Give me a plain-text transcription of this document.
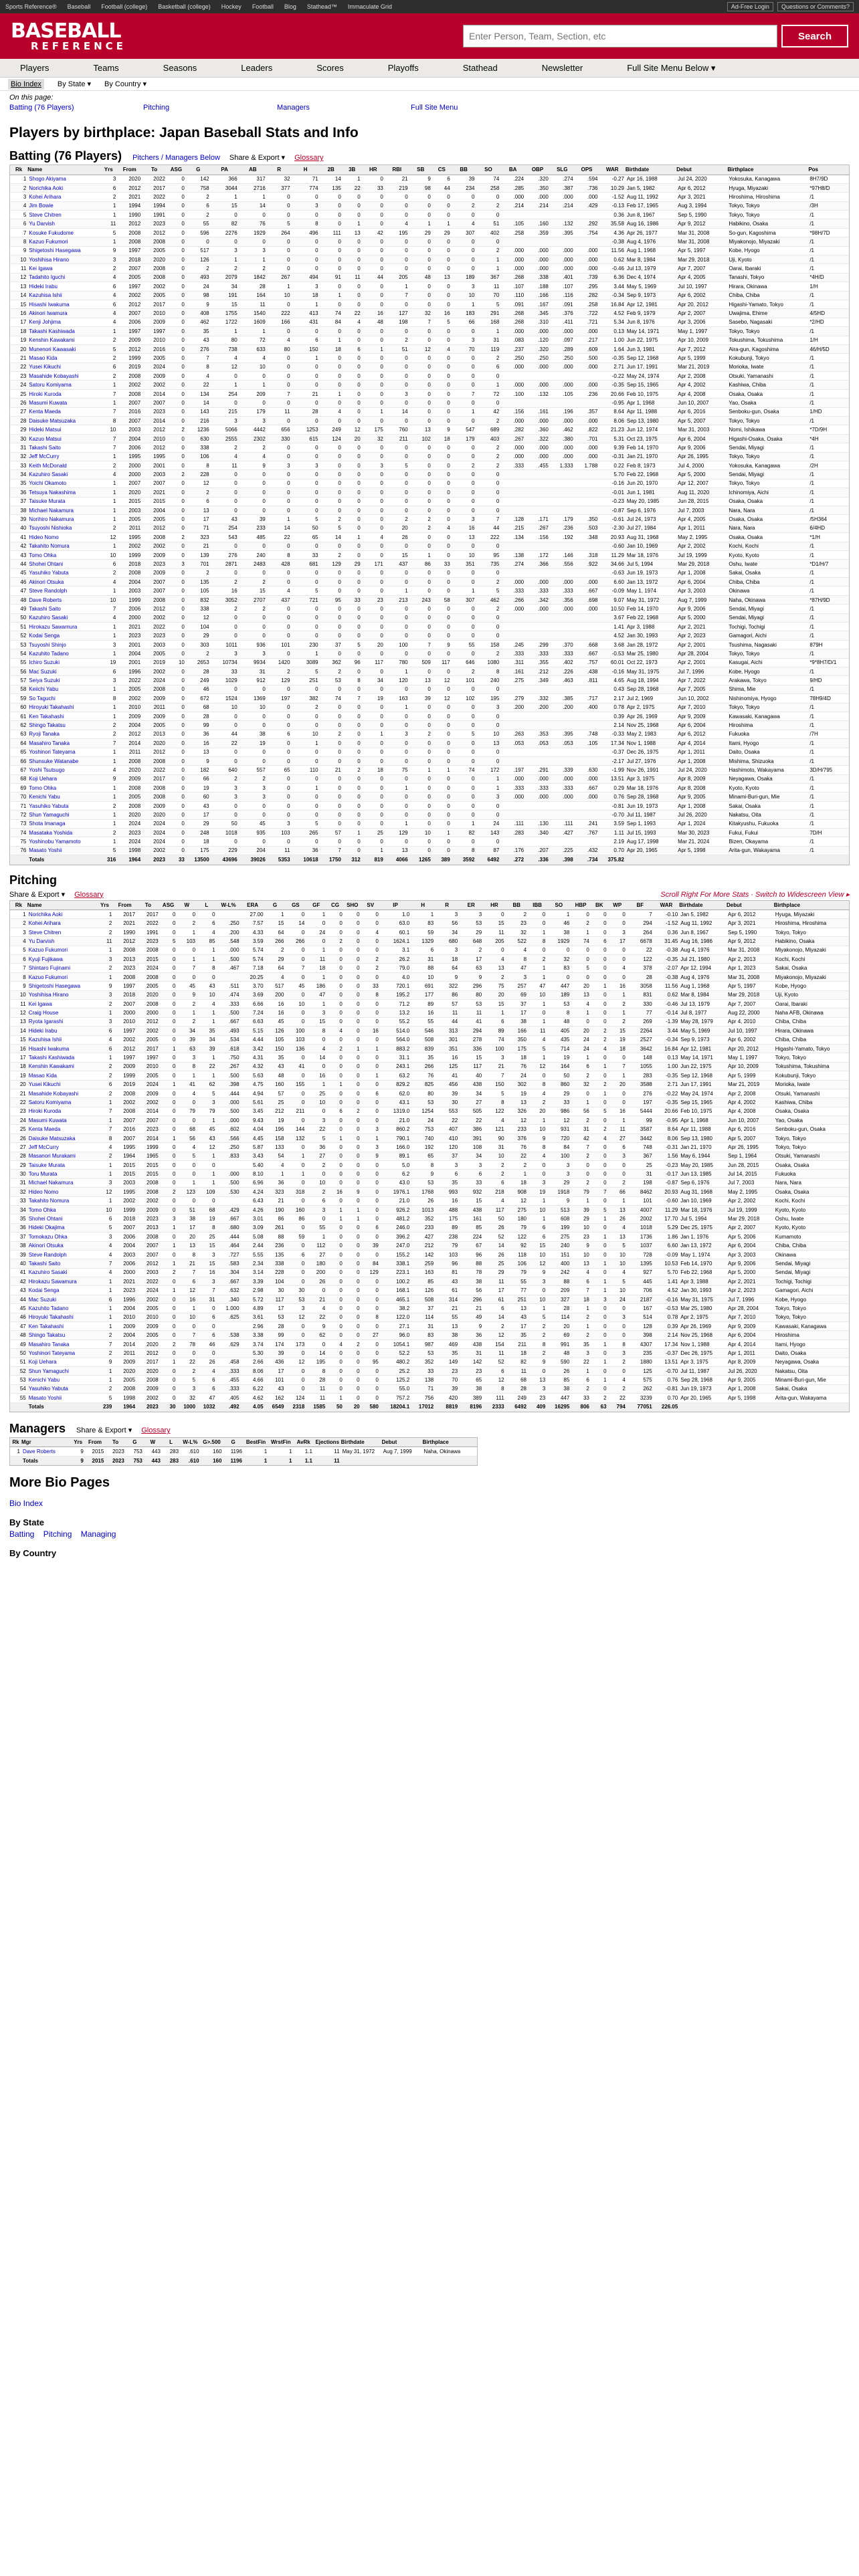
Sports Reference® Baseball Football (college) Basketball (college) Hockey Football Blog Stathead™ Immaculate Grid	Ad-Free Login	Questions or Comments?
BASEBALL
REFERENCE
Enter Person, Team, Section, etc
Search
Players	Teams	Seasons	Leaders	Scores	Playoffs	Stathead	Newsletter	Full Site Menu Below ▾
Bio Index	By State ▾ By Country ▾
On this page:
Batting (76 Players)	Pitching	Managers	Full Site Menu
Players by birthplace: Japan Baseball Stats and Info
Batting (76 Players) Pitchers / Managers Below Share & Export ▾ Glossary
Rk	Name	Yrs	From	To	ASG	G	PA	AB	R	H	2B	3B	HR	RBI	SB	CS	BB	SO	BA	OBP	SLG	OPS	WAR	Birthdate	Debut	Birthplace	Pos
1	Shogo Akiyama	3	2020	2022	0	142	366	317	32	71	14	1	0	21	9	6	39	74	.224	.320	.274	.594	-0.27	Apr 16, 1988	Jul 24, 2020	Yokosuka, Kanagawa	8H7/9D
2	Norichika Aoki	6	2012	2017	0	758	3044	2716	377	774	135	22	33	219	98	44	234	258	.285	.350	.387	.736	10.29	Jan 5, 1982	Apr 6, 2012	Hyuga, Miyazaki	*97H8/D
3	Kohei Arihara	2	2021	2022	0	2	1	1	0	0	0	0	0	0	0	0	0	0	.000	.000	.000	.000	-1.52	Aug 11, 1992	Apr 3, 2021	Hiroshima, Hiroshima	/1
4	Jim Bowie	1	1994	1994	0	6	15	14	0	3	0	0	0	0	0	0	2	2	.214	.214	.214	.429	-0.13	Feb 17, 1965	Aug 3, 1994	Tokyo, Tokyo	/3H
5	Steve Chitren	1	1990	1991	0	2	0	0	0	0	0	0	0	0	0	0	0	0					0.36	Jun 8, 1967	Sep 5, 1990	Tokyo, Tokyo	/1
6	Yu Darvish	11	2012	2023	0	55	82	76	5	8	0	1	0	4	1	1	4	51	.105	.160	.132	.292	35.58	Aug 16, 1986	Apr 9, 2012	Habikino, Osaka	/1
7	Kosuke Fukudome	5	2008	2012	0	596	2276	1929	264	496	111	13	42	195	29	29	307	402	.258	.359	.395	.754	4.36	Apr 26, 1977	Mar 31, 2008	So-gun, Kagoshima	*98H/7D
8	Kazuo Fukumori	1	2008	2008	0	0	0	0	0	0	0	0	0	0	0	0	0	0					-0.38	Aug 4, 1976	Mar 31, 2008	Miyakonojo, Miyazaki	/1
9	Shigetoshi Hasegawa	9	1997	2005	0	517	3	3	0	0	0	0	0	0	0	0	0	2	.000	.000	.000	.000	11.56	Aug 1, 1968	Apr 5, 1997	Kobe, Hyogo	/1
10	Yoshihisa Hirano	3	2018	2020	0	126	1	1	0	0	0	0	0	0	0	0	0	1	.000	.000	.000	.000	0.62	Mar 8, 1984	Mar 29, 2018	Uji, Kyoto	/1
11	Kei Igawa	2	2007	2008	0	2	2	2	0	0	0	0	0	0	0	0	0	1	.000	.000	.000	.000	-0.46	Jul 13, 1979	Apr 7, 2007	Oarai, Ibaraki	/1
12	Tadahito Iguchi	4	2005	2008	0	493	2079	1842	267	494	91	11	44	205	48	13	189	367	.268	.338	.401	.739	6.36	Dec 4, 1974	Apr 4, 2005	Tanashi, Tokyo	*4H/D
13	Hideki Irabu	6	1997	2002	0	24	34	28	1	3	0	0	0	1	0	0	3	11	.107	.188	.107	.295	3.44	May 5, 1969	Jul 10, 1997	Hirara, Okinawa	1/H
14	Kazuhisa Ishii	4	2002	2005	0	98	191	164	10	18	1	0	0	7	0	0	10	70	.110	.166	.116	.282	-0.34	Sep 9, 1973	Apr 6, 2002	Chiba, Chiba	/1
15	Hisashi Iwakuma	6	2012	2017	0	9	15	11	0	1	0	0	0	0	0	0	1	5	.091	.167	.091	.258	16.84	Apr 12, 1981	Apr 20, 2012	Higashi-Yamato, Tokyo	/1
16	Akinori Iwamura	4	2007	2010	0	408	1755	1540	222	413	74	22	16	127	32	16	183	291	.268	.345	.376	.722	4.52	Feb 9, 1979	Apr 2, 2007	Uwajima, Ehime	4/5HD
17	Kenji Johjima	4	2006	2009	0	462	1722	1609	166	431	84	4	48	198	7	5	66	168	.268	.310	.411	.721	5.34	Jun 8, 1976	Apr 3, 2006	Sasebo, Nagasaki	*2/HD
18	Takashi Kashiwada	1	1997	1997	0	35	1	1	0	0	0	0	0	0	0	0	0	1	.000	.000	.000	.000	0.13	May 14, 1971	May 1, 1997	Tokyo, Tokyo	/1
19	Kenshin Kawakami	2	2009	2010	0	43	80	72	4	6	1	0	0	2	0	0	3	31	.083	.120	.097	.217	1.00	Jun 22, 1975	Apr 10, 2009	Tokushima, Tokushima	1/H
20	Munenori Kawasaki	5	2012	2016	0	276	738	633	80	150	18	6	1	51	12	4	70	119	.237	.320	.289	.609	1.64	Jun 3, 1981	Apr 7, 2012	Aira-gun, Kagoshima	46/H/5D
21	Masao Kida	2	1999	2005	0	7	4	4	0	1	0	0	0	0	0	0	0	2	.250	.250	.250	.500	-0.35	Sep 12, 1968	Apr 5, 1999	Kokubunji, Tokyo	/1
22	Yusei Kikuchi	6	2019	2024	0	8	12	10	0	0	0	0	0	0	0	0	0	6	.000	.000	.000	.000	2.71	Jun 17, 1991	Mar 21, 2019	Morioka, Iwate	/1
23	Masahide Kobayashi	2	2008	2009	0	4	0	0	0	0	0	0	0	0	0	0	0	0					-0.22	May 24, 1974	Apr 2, 2008	Otsuki, Yamanashi	/1
24	Satoru Komiyama	1	2002	2002	0	22	1	1	0	0	0	0	0	0	0	0	0	1	.000	.000	.000	.000	-0.35	Sep 15, 1965	Apr 4, 2002	Kashiwa, Chiba	/1
25	Hiroki Kuroda	7	2008	2014	0	134	254	209	7	21	1	0	0	3	0	0	7	72	.100	.132	.105	.236	20.66	Feb 10, 1975	Apr 4, 2008	Osaka, Osaka	/1
26	Masumi Kuwata	1	2007	2007	0	14	0	0	0	0	0	0	0	0	0	0	0	0					-0.95	Apr 1, 1968	Jun 10, 2007	Yao, Osaka	/1
27	Kenta Maeda	7	2016	2023	0	143	215	179	11	28	4	0	1	14	0	0	1	42	.156	.161	.196	.357	8.64	Apr 11, 1988	Apr 6, 2016	Senboku-gun, Osaka	1/HD
28	Daisuke Matsuzaka	8	2007	2014	0	216	3	3	0	0	0	0	0	0	0	0	0	2	.000	.000	.000	.000	8.06	Sep 13, 1980	Apr 5, 2007	Tokyo, Tokyo	/1
29	Hideki Matsui	10	2003	2012	2	1236	5066	4442	656	1253	249	12	175	760	13	9	547	689	.282	.360	.462	.822	21.23	Jun 12, 1974	Mar 31, 2003	Nomi, Ishikawa	*7D/9H
30	Kazuo Matsui	7	2004	2010	0	630	2555	2302	330	615	124	20	32	211	102	18	179	403	.267	.322	.380	.701	5.31	Oct 23, 1975	Apr 6, 2004	Higashi-Osaka, Osaka	*4H
31	Takashi Saito	7	2006	2012	0	338	2	2	0	0	0	0	0	0	0	0	0	2	.000	.000	.000	.000	9.39	Feb 14, 1970	Apr 9, 2006	Sendai, Miyagi	/1
32	Jeff McCurry	1	1995	1995	0	106	4	4	0	0	0	0	0	0	0	0	0	2	.000	.000	.000	.000	-0.31	Jan 21, 1970	Apr 26, 1995	Tokyo, Tokyo	/1
33	Keith McDonald	2	2000	2001	0	8	11	9	3	3	0	0	3	5	0	0	2	2	.333	.455	1.333	1.788	0.22	Feb 8, 1973	Jul 4, 2000	Yokosuka, Kanagawa	/2H
34	Kazuhiro Sasaki	4	2000	2003	2	228	0	0	0	0	0	0	0	0	0	0	0	0					5.70	Feb 22, 1968	Apr 5, 2000	Sendai, Miyagi	/1
35	Yoichi Okamoto	1	2007	2007	0	12	0	0	0	0	0	0	0	0	0	0	0	0					-0.16	Jun 20, 1970	Apr 12, 2007	Tokyo, Tokyo	/1
36	Tetsuya Nakashima	1	2020	2021	0	2	0	0	0	0	0	0	0	0	0	0	0	0					-0.01	Jun 1, 1981	Aug 11, 2020	Ichinomiya, Aichi	/1
37	Taisuke Murata	1	2015	2015	0	6	0	0	0	0	0	0	0	0	0	0	0	0					-0.23	May 20, 1985	Jun 28, 2015	Osaka, Osaka	/1
38	Michael Nakamura	1	2003	2004	0	13	0	0	0	0	0	0	0	0	0	0	0	0					-0.87	Sep 6, 1976	Jul 7, 2003	Nara, Nara	/1
39	Norihiro Nakamura	1	2005	2005	0	17	43	39	1	5	2	0	0	2	2	0	3	7	.128	.171	.179	.350	-0.61	Jul 24, 1973	Apr 4, 2005	Osaka, Osaka	/5H364
40	Tsuyoshi Nishioka	2	2011	2012	0	71	254	233	14	50	5	0	0	20	2	4	16	44	.215	.267	.236	.503	-2.30	Jul 27, 1984	Apr 1, 2011	Nara, Nara	6/4HD
41	Hideo Nomo	12	1995	2008	2	323	543	485	22	65	14	1	4	26	0	0	13	222	.134	.156	.192	.348	20.93	Aug 31, 1968	May 2, 1995	Osaka, Osaka	*1/H
42	Takahito Nomura	1	2002	2002	0	21	0	0	0	0	0	0	0	0	0	0	0	0					-0.60	Jan 10, 1969	Apr 2, 2002	Kochi, Kochi	/1
43	Tomo Ohka	10	1999	2009	0	139	276	240	8	33	2	0	0	15	1	0	10	95	.138	.172	.146	.318	11.29	Mar 18, 1976	Jul 19, 1999	Kyoto, Kyoto	/1
44	Shohei Ohtani	6	2018	2023	3	701	2871	2483	428	681	129	29	171	437	86	33	351	735	.274	.366	.556	.922	34.66	Jul 5, 1994	Mar 29, 2018	Oshu, Iwate	*D1/H/7
45	Yasuhiko Yabuta	2	2008	2009	0	2	0	0	0	0	0	0	0	0	0	0	0	0					-0.63	Jun 19, 1973	Apr 1, 2008	Sakai, Osaka	/1
46	Akinori Otsuka	4	2004	2007	0	135	2	2	0	0	0	0	0	0	0	0	0	2	.000	.000	.000	.000	6.60	Jan 13, 1972	Apr 6, 2004	Chiba, Chiba	/1
47	Steve Randolph	1	2003	2007	0	105	16	15	4	5	0	0	0	1	0	0	1	5	.333	.333	.333	.667	-0.09	May 1, 1974	Apr 3, 2003	Okinawa	/1
48	Dave Roberts	10	1999	2008	0	832	3052	2707	437	721	95	33	23	213	243	58	307	462	.266	.342	.356	.698	9.07	May 31, 1972	Aug 7, 1999	Naha, Okinawa	*87H/9D
49	Takashi Saito	7	2006	2012	0	338	2	2	0	0	0	0	0	0	0	0	0	2	.000	.000	.000	.000	10.50	Feb 14, 1970	Apr 9, 2006	Sendai, Miyagi	/1
50	Kazuhiro Sasaki	4	2000	2002	0	12	0	0	0	0	0	0	0	0	0	0	0	0					3.67	Feb 22, 1968	Apr 5, 2000	Sendai, Miyagi	/1
51	Hirokazu Sawamura	1	2021	2022	0	104	0	0	0	0	0	0	0	0	0	0	0	0					1.41	Apr 3, 1988	Apr 2, 2021	Tochigi, Tochigi	/1
52	Kodai Senga	1	2023	2023	0	29	0	0	0	0	0	0	0	0	0	0	0	0					4.52	Jan 30, 1993	Apr 2, 2023	Gamagori, Aichi	/1
53	Tsuyoshi Shinjo	3	2001	2003	0	303	1011	936	101	230	37	5	20	100	7	9	55	158	.245	.299	.370	.668	3.68	Jan 28, 1972	Apr 2, 2001	Tsushima, Nagasaki	879H
54	Kazuhito Tadano	1	2004	2005	0	2	3	3	0	1	0	0	0	0	0	0	0	2	.333	.333	.333	.667	-0.53	Mar 25, 1980	Apr 28, 2004	Tokyo, Tokyo	/1
55	Ichiro Suzuki	19	2001	2019	10	2653	10734	9934	1420	3089	362	96	117	780	509	117	646	1080	.311	.355	.402	.757	60.01	Oct 22, 1973	Apr 2, 2001	Kasugai, Aichi	*9*8H7/D/1
56	Mac Suzuki	6	1996	2002	0	28	33	31	2	5	2	0	0	1	0	0	2	8	.161	.212	.226	.438	-0.16	May 31, 1975	Jul 7, 1996	Kobe, Hyogo	/1
57	Seiya Suzuki	3	2022	2024	0	249	1029	912	129	251	53	8	34	120	13	12	101	240	.275	.349	.463	.811	4.65	Aug 18, 1994	Apr 7, 2022	Arakawa, Tokyo	9/HD
58	Keiichi Yabu	1	2005	2008	0	46	0	0	0	0	0	0	0	0	0	0	0	0					0.43	Sep 28, 1968	Apr 7, 2005	Shima, Mie	/1
59	So Taguchi	8	2002	2009	0	672	1524	1369	197	382	74	7	19	163	39	12	102	195	.279	.332	.385	.717	2.17	Jul 2, 1969	Jun 10, 2002	Nishinomiya, Hyogo	78H9/4D
60	Hiroyuki Takahashi	1	2010	2011	0	68	10	10	0	2	0	0	0	1	0	0	0	3	.200	.200	.200	.400	0.78	Apr 2, 1975	Apr 7, 2010	Tokyo, Tokyo	/1
61	Ken Takahashi	1	2009	2009	0	28	0	0	0	0	0	0	0	0	0	0	0	0					0.39	Apr 26, 1969	Apr 9, 2009	Kawasaki, Kanagawa	/1
62	Shingo Takatsu	2	2004	2005	0	99	0	0	0	0	0	0	0	0	0	0	0	0					2.14	Nov 25, 1968	Apr 6, 2004	Hiroshima	/1
63	Ryoji Tanaka	2	2012	2013	0	36	44	38	6	10	2	0	1	3	2	0	5	10	.263	.353	.395	.748	-0.33	May 2, 1983	Apr 6, 2012	Fukuoka	/7H
64	Masahiro Tanaka	7	2014	2020	0	16	22	19	0	1	0	0	0	0	0	0	0	13	.053	.053	.053	.105	17.34	Nov 1, 1988	Apr 4, 2014	Itami, Hyogo	/1
65	Yoshinori Tateyama	1	2011	2012	0	13	0	0	0	0	0	0	0	0	0	0	0	0					-0.37	Dec 26, 1975	Apr 1, 2011	Daito, Osaka	/1
66	Shunsuke Watanabe	1	2008	2008	0	9	0	0	0	0	0	0	0	0	0	0	0	0					-2.17	Jul 27, 1976	Apr 1, 2008	Mishima, Shizuoka	/1
67	Yoshi Tsutsugo	4	2020	2022	0	182	640	557	65	110	21	2	18	75	1	1	74	172	.197	.291	.339	.630	-1.99	Nov 26, 1991	Jul 24, 2020	Hashimoto, Wakayama	3D/H/795
68	Koji Uehara	9	2009	2017	0	66	2	2	0	0	0	0	0	0	0	0	0	1	.000	.000	.000	.000	13.51	Apr 3, 1975	Apr 8, 2009	Neyagawa, Osaka	/1
69	Tomo Ohka	1	2008	2008	0	19	3	3	0	1	0	0	0	1	0	0	0	1	.333	.333	.333	.667	0.29	Mar 18, 1976	Apr 8, 2008	Kyoto, Kyoto	/1
70	Kenichi Yabu	1	2005	2008	0	60	3	3	0	0	0	0	0	0	0	0	0	3	.000	.000	.000	.000	0.76	Sep 28, 1968	Apr 9, 2005	Minami-Buri-gun, Mie	/1
71	Yasuhiko Yabuta	2	2008	2009	0	43	0	0	0	0	0	0	0	0	0	0	0	0					-0.81	Jun 19, 1973	Apr 1, 2008	Sakai, Osaka	/1
72	Shun Yamaguchi	1	2020	2020	0	17	0	0	0	0	0	0	0	0	0	0	0	0					-0.70	Jul 11, 1987	Jul 26, 2020	Nakatsu, Oita	/1
73	Shota Imanaga	1	2024	2024	0	29	50	45	3	5	0	0	0	1	0	0	1	24	.111	.130	.111	.241	3.59	Sep 1, 1993	Apr 1, 2024	Kitakyushu, Fukuoka	/1
74	Masataka Yoshida	2	2023	2024	0	248	1018	935	103	265	57	1	25	129	10	1	82	143	.283	.340	.427	.767	1.11	Jul 15, 1993	Mar 30, 2023	Fukui, Fukui	7D/H
75	Yoshinobu Yamamoto	1	2024	2024	0	18	0	0	0	0	0	0	0	0	0	0	0	0					2.19	Aug 17, 1998	Mar 21, 2024	Bizen, Okayama	/1
76	Masato Yoshii	5	1998	2002	0	175	229	204	11	36	7	0	1	13	0	0	8	87	.176	.207	.225	.432	0.70	Apr 20, 1965	Apr 5, 1998	Arita-gun, Wakayama	/1
	Totals	316	1964	2023	33	13500	43696	39026	5353	10618	1750	312	819	4066	1265	389	3592	6492	.272	.336	.398	.734	375.82				
Pitching
Share & Export ▾ Glossary	Scroll Right For More Stats · Switch to Widescreen View ▸
Rk	Name	Yrs	From	To	ASG	W	L	W-L%	ERA	G	GS	GF	CG	SHO	SV	IP	H	R	ER	HR	BB	IBB	SO	HBP	BK	WP	BF	WAR	Birthdate	Debut	Birthplace
1	Norichika Aoki	1	2017	2017	0	0	0		27.00	1	0	1	0	0	0	1.0	1	3	3	0	2	0	1	0	0	0	7	-0.10	Jan 5, 1982	Apr 6, 2012	Hyuga, Miyazaki
2	Kohei Arihara	2	2021	2022	0	2	6	.250	7.57	15	14	0	0	0	0	63.0	83	56	53	15	23	0	46	2	0	0	294	-1.52	Aug 11, 1992	Apr 3, 2021	Hiroshima, Hiroshima
3	Steve Chitren	2	1990	1991	0	1	4	.200	4.33	64	0	24	0	0	4	60.1	59	34	29	11	32	1	38	1	0	3	264	0.36	Jun 8, 1967	Sep 5, 1990	Tokyo, Tokyo
4	Yu Darvish	11	2012	2023	5	103	85	.548	3.59	266	266	0	2	0	0	1624.1	1329	680	648	205	522	8	1929	74	6	17	6678	31.45	Aug 16, 1986	Apr 9, 2012	Habikino, Osaka
5	Kazuo Fukumori	1	2008	2008	0	0	1	.000	5.74	2	0	1	0	0	0	3.1	6	3	2	0	4	0	0	0	0	0	22	-0.38	Aug 4, 1976	Mar 31, 2008	Miyakonojo, Miyazaki
6	Kyuji Fujikawa	3	2013	2015	0	1	1	.500	5.74	29	0	11	0	0	2	26.2	31	18	17	4	8	2	32	0	0	0	122	-0.35	Jul 21, 1980	Apr 2, 2013	Kochi, Kochi
7	Shintaro Fujinami	2	2023	2024	0	7	8	.467	7.18	64	7	18	0	0	2	79.0	88	64	63	13	47	1	83	5	0	4	378	-2.07	Apr 12, 1994	Apr 1, 2023	Sakai, Osaka
8	Kazuo Fukumori	1	2008	2008	0	0	0		20.25	4	0	1	0	0	0	4.0	10	9	9	2	3	1	0	0	0	0	28	-0.38	Aug 4, 1976	Mar 31, 2008	Miyakonojo, Miyazaki
9	Shigetoshi Hasegawa	9	1997	2005	0	45	43	.511	3.70	517	45	186	0	0	33	720.1	691	322	296	75	257	47	447	20	1	16	3058	11.56	Aug 1, 1968	Apr 5, 1997	Kobe, Hyogo
10	Yoshihisa Hirano	3	2018	2020	0	9	10	.474	3.69	200	0	47	0	0	8	195.2	177	86	80	20	69	10	189	13	0	1	831	0.62	Mar 8, 1984	Mar 29, 2018	Uji, Kyoto
11	Kei Igawa	2	2007	2008	0	2	4	.333	6.66	16	10	1	0	0	0	71.2	89	57	53	15	37	1	53	4	0	2	330	-0.46	Jul 13, 1979	Apr 7, 2007	Oarai, Ibaraki
12	Craig House	1	2000	2000	0	1	1	.500	7.24	16	0	3	0	0	0	13.2	16	11	11	1	17	0	8	1	0	1	77	-0.14	Jul 8, 1977	Aug 22, 2000	Naha AFB, Okinawa
13	Ryota Igarashi	3	2010	2012	0	2	1	.667	6.63	45	0	15	0	0	0	55.2	55	44	41	6	38	1	48	0	0	2	269	-1.39	May 28, 1979	Apr 4, 2010	Chiba, Chiba
14	Hideki Irabu	6	1997	2002	0	34	35	.493	5.15	126	100	8	4	0	16	514.0	546	313	294	89	166	11	405	20	2	15	2264	3.44	May 5, 1969	Jul 10, 1997	Hirara, Okinawa
15	Kazuhisa Ishii	4	2002	2005	0	39	34	.534	4.44	105	103	0	0	0	0	564.0	508	301	278	74	350	4	435	24	2	19	2527	-0.34	Sep 9, 1973	Apr 6, 2002	Chiba, Chiba
16	Hisashi Iwakuma	6	2012	2017	1	63	39	.618	3.42	150	136	4	2	1	1	883.2	839	351	336	100	175	5	714	24	4	18	3642	16.84	Apr 12, 1981	Apr 20, 2012	Higashi-Yamato, Tokyo
17	Takashi Kashiwada	1	1997	1997	0	3	1	.750	4.31	35	0	14	0	0	0	31.1	35	16	15	3	18	1	19	1	0	0	148	0.13	May 14, 1971	May 1, 1997	Tokyo, Tokyo
18	Kenshin Kawakami	2	2009	2010	0	8	22	.267	4.32	43	41	0	0	0	0	243.1	266	125	117	21	76	12	164	6	1	7	1055	1.00	Jun 22, 1975	Apr 10, 2009	Tokushima, Tokushima
19	Masao Kida	2	1999	2005	0	1	1	.500	5.63	48	0	16	0	0	1	63.2	76	41	40	7	24	0	50	2	0	1	283	-0.35	Sep 12, 1968	Apr 5, 1999	Kokubunji, Tokyo
20	Yusei Kikuchi	6	2019	2024	1	41	62	.398	4.75	160	155	1	1	0	0	829.2	825	456	438	150	302	8	860	32	2	20	3588	2.71	Jun 17, 1991	Mar 21, 2019	Morioka, Iwate
21	Masahide Kobayashi	2	2008	2009	0	4	5	.444	4.94	57	0	25	0	0	6	62.0	80	39	34	5	19	4	29	0	1	0	276	-0.22	May 24, 1974	Apr 2, 2008	Otsuki, Yamanashi
22	Satoru Komiyama	1	2002	2002	0	0	3	.000	5.61	25	0	10	0	0	0	43.1	53	30	27	8	13	2	33	1	0	0	197	-0.35	Sep 15, 1965	Apr 4, 2002	Kashiwa, Chiba
23	Hiroki Kuroda	7	2008	2014	0	79	79	.500	3.45	212	211	0	6	2	0	1319.0	1254	553	505	122	326	20	986	56	5	16	5444	20.66	Feb 10, 1975	Apr 4, 2008	Osaka, Osaka
24	Masumi Kuwata	1	2007	2007	0	0	1	.000	9.43	19	0	3	0	0	0	21.0	24	22	22	4	12	1	12	2	0	1	99	-0.95	Apr 1, 1968	Jun 10, 2007	Yao, Osaka
25	Kenta Maeda	7	2016	2023	0	68	45	.602	4.04	196	144	22	0	0	3	860.2	753	407	386	121	233	10	931	31	2	11	3587	8.64	Apr 11, 1988	Apr 6, 2016	Senboku-gun, Osaka
26	Daisuke Matsuzaka	8	2007	2014	1	56	43	.566	4.45	158	132	5	1	0	1	790.1	740	410	391	90	376	9	720	42	4	27	3442	8.06	Sep 13, 1980	Apr 5, 2007	Tokyo, Tokyo
27	Jeff McCurry	4	1995	1999	0	4	12	.250	5.87	133	0	36	0	0	3	166.0	192	120	108	31	76	8	84	7	0	6	748	-0.31	Jan 21, 1970	Apr 26, 1995	Tokyo, Tokyo
28	Masanori Murakami	2	1964	1965	0	5	1	.833	3.43	54	1	27	0	0	9	89.1	65	37	34	10	22	4	100	2	0	3	367	1.56	May 6, 1944	Sep 1, 1964	Otsuki, Yamanashi
29	Taisuke Murata	1	2015	2015	0	0	0		5.40	4	0	2	0	0	0	5.0	8	3	3	2	2	0	3	0	0	0	25	-0.23	May 20, 1985	Jun 28, 2015	Osaka, Osaka
30	Toru Murata	1	2015	2015	0	0	1	.000	8.10	1	1	0	0	0	0	6.2	9	6	6	2	1	0	3	0	0	0	31	-0.17	Jun 13, 1985	Jul 14, 2015	Fukuoka
31	Michael Nakamura	3	2003	2008	0	1	1	.500	6.96	36	0	10	0	0	0	43.0	53	35	33	6	18	3	29	2	0	2	198	-0.87	Sep 6, 1976	Jul 7, 2003	Nara, Nara
32	Hideo Nomo	12	1995	2008	2	123	109	.530	4.24	323	318	2	16	9	0	1976.1	1768	993	932	218	908	19	1918	79	7	66	8462	20.93	Aug 31, 1968	May 2, 1995	Osaka, Osaka
33	Takahito Nomura	1	2002	2002	0	0	0		6.43	21	0	6	0	0	0	21.0	26	16	15	4	12	1	9	1	0	1	101	-0.60	Jan 10, 1969	Apr 2, 2002	Kochi, Kochi
34	Tomo Ohka	10	1999	2009	0	51	68	.429	4.26	190	160	3	1	1	0	926.2	1013	488	438	117	275	10	513	39	5	13	4007	11.29	Mar 18, 1976	Jul 19, 1999	Kyoto, Kyoto
35	Shohei Ohtani	6	2018	2023	3	38	19	.667	3.01	86	86	0	1	1	0	481.2	352	175	161	50	180	1	608	29	1	26	2002	17.70	Jul 5, 1994	Mar 29, 2018	Oshu, Iwate
36	Hideki Okajima	5	2007	2013	1	17	8	.680	3.09	261	0	55	0	0	6	246.0	233	89	85	26	79	6	199	10	0	4	1018	5.29	Dec 25, 1975	Apr 2, 2007	Kyoto, Kyoto
37	Tomokazu Ohka	3	2006	2008	0	20	25	.444	5.08	88	59	1	0	0	0	396.2	427	238	224	52	122	6	275	23	1	13	1736	1.86	Jan 1, 1976	Apr 5, 2006	Kumamoto
38	Akinori Otsuka	4	2004	2007	1	13	15	.464	2.44	236	0	112	0	0	39	247.0	212	79	67	14	92	15	240	9	0	5	1037	6.60	Jan 13, 1972	Apr 6, 2004	Chiba, Chiba
39	Steve Randolph	4	2003	2007	0	8	3	.727	5.55	135	6	27	0	0	0	155.2	142	103	96	26	118	10	151	10	0	10	728	-0.09	May 1, 1974	Apr 3, 2003	Okinawa
40	Takashi Saito	7	2006	2012	1	21	15	.583	2.34	338	0	180	0	0	84	338.1	259	96	88	25	106	12	400	13	1	10	1395	10.53	Feb 14, 1970	Apr 9, 2006	Sendai, Miyagi
41	Kazuhiro Sasaki	4	2000	2003	2	7	16	.304	3.14	228	0	200	0	0	129	223.1	163	81	78	29	79	9	242	4	0	4	927	5.70	Feb 22, 1968	Apr 5, 2000	Sendai, Miyagi
42	Hirokazu Sawamura	1	2021	2022	0	6	3	.667	3.39	104	0	26	0	0	0	100.2	85	43	38	11	55	3	88	6	1	5	445	1.41	Apr 3, 1988	Apr 2, 2021	Tochigi, Tochigi
43	Kodai Senga	1	2023	2024	1	12	7	.632	2.98	30	30	0	0	0	0	168.1	126	61	56	17	77	0	209	7	1	10	706	4.52	Jan 30, 1993	Apr 2, 2023	Gamagori, Aichi
44	Mac Suzuki	6	1996	2002	0	16	31	.340	5.72	117	53	21	0	0	0	465.1	508	314	296	61	251	10	327	18	3	24	2187	-0.16	May 31, 1975	Jul 7, 1996	Kobe, Hyogo
45	Kazuhito Tadano	1	2004	2005	0	1	0	1.000	4.89	17	3	4	0	0	0	38.2	37	21	21	6	13	1	28	1	0	0	167	-0.53	Mar 25, 1980	Apr 28, 2004	Tokyo, Tokyo
46	Hiroyuki Takahashi	1	2010	2010	0	10	6	.625	3.61	53	12	22	0	0	8	122.0	114	55	49	14	43	5	114	2	0	3	514	0.78	Apr 2, 1975	Apr 7, 2010	Tokyo, Tokyo
47	Ken Takahashi	1	2009	2009	0	0	0		2.96	28	0	9	0	0	0	27.1	31	13	9	2	17	2	20	1	0	0	128	0.39	Apr 26, 1969	Apr 9, 2009	Kawasaki, Kanagawa
48	Shingo Takatsu	2	2004	2005	0	7	6	.538	3.38	99	0	62	0	0	27	96.0	83	38	36	12	35	2	69	2	0	0	398	2.14	Nov 25, 1968	Apr 6, 2004	Hiroshima
49	Masahiro Tanaka	7	2014	2020	2	78	46	.629	3.74	174	173	0	4	2	0	1054.1	987	469	438	154	211	8	991	35	1	8	4307	17.34	Nov 1, 1988	Apr 4, 2014	Itami, Hyogo
50	Yoshinori Tateyama	2	2011	2012	0	0	0		5.30	39	0	14	0	0	0	52.2	53	35	31	11	18	2	48	3	0	3	235	-0.37	Dec 26, 1975	Apr 1, 2011	Daito, Osaka
51	Koji Uehara	9	2009	2017	1	22	26	.458	2.66	436	12	195	0	0	95	480.2	352	149	142	52	82	9	590	22	1	2	1880	13.51	Apr 3, 1975	Apr 8, 2009	Neyagawa, Osaka
52	Shun Yamaguchi	1	2020	2020	0	2	4	.333	8.06	17	0	8	0	0	0	25.2	33	23	23	6	11	0	26	1	0	0	125	-0.70	Jul 11, 1987	Jul 26, 2020	Nakatsu, Oita
53	Kenichi Yabu	1	2005	2008	0	5	6	.455	4.66	101	0	28	0	0	0	125.2	138	70	65	12	68	13	85	6	1	4	575	0.76	Sep 28, 1968	Apr 9, 2005	Minami-Buri-gun, Mie
54	Yasuhiko Yabuta	2	2008	2009	0	3	6	.333	6.22	43	0	11	0	0	0	55.0	71	39	38	8	28	3	38	2	0	2	262	-0.81	Jun 19, 1973	Apr 1, 2008	Sakai, Osaka
55	Masato Yoshii	5	1998	2002	0	32	47	.405	4.62	162	124	11	1	0	0	757.2	756	420	389	111	249	23	447	33	2	22	3239	0.70	Apr 20, 1965	Apr 5, 1998	Arita-gun, Wakayama
	Totals	239	1964	2023	30	1000	1032	.492	4.05	6549	2318	1585	50	20	580	18204.1	17012	8819	8196	2333	6492	409	16295	806	63	794	77051	226.05			
Managers Share & Export ▾ Glossary
Rk	Mgr	Yrs	From	To	G	W	L	W-L%	G>.500	G	BestFin	WrstFin	AvRk	Ejections	Birthdate	Debut	Birthplace
1	Dave Roberts	9	2015	2023	753	443	283	.610	160	1196	1	1	1.1	11	May 31, 1972	Aug 7, 1999	Naha, Okinawa
	Totals	9	2015	2023	753	443	283	.610	160	1196	1	1	1.1	11			
More Bio Pages
Bio Index
By State
Batting Pitching Managing
By Country
